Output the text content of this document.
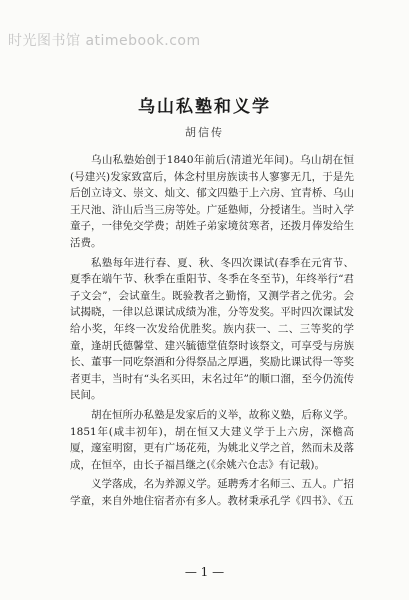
时光图书馆 atimebook.com
乌山私塾和义学
胡信传

乌山私塾始创于1840年前后(清道光年间)。乌山胡在恒(号建兴)发家致富后，体念村里房族读书人寥寥无几，于是先后创立诗文、崇文、灿文、郁文四塾于上六房、宜青桥、乌山王尺池、浒山后当三房等处。广延塾师，分授诸生。当时入学童子，一律免交学费；胡姓子弟家境贫寒者，还拨月俸发给生活费。

私塾每年进行春、夏、秋、冬四次课试(春季在元宵节、夏季在端午节、秋季在重阳节、冬季在冬至节)，年终举行“君子文会”，会试童生。既验教者之勤惰，又测学者之优劣。会试揭晓，一律以总课试成绩为准，分等发奖。平时四次课试发给小奖，年终一次发给优胜奖。族内获一、二、三等奖的学童，逢胡氏德馨堂、建兴毓德堂值祭时该祭文，可享受与房族长、董事一同吃祭酒和分得祭品之厚遇，奖励比课试得一等奖者更丰，当时有“头名买田，末名过年”的顺口溜，至今仍流传民间。

胡在恒所办私塾是发家后的义举，故称义塾，后称义学。1851年(咸丰初年)，胡在恒又大建义学于上六房，深檐高厦，邃室明窗，更有广场花苑，为姚北义学之首，然而未及落成，在恒卒，由长子福昌继之(《余姚六仓志》有记载)。

义学落成，名为养源义学。延聘秀才名师三、五人。广招学童，来自外地住宿者亦有多人。教材秉承孔学《四书》、《五

— 1 —
